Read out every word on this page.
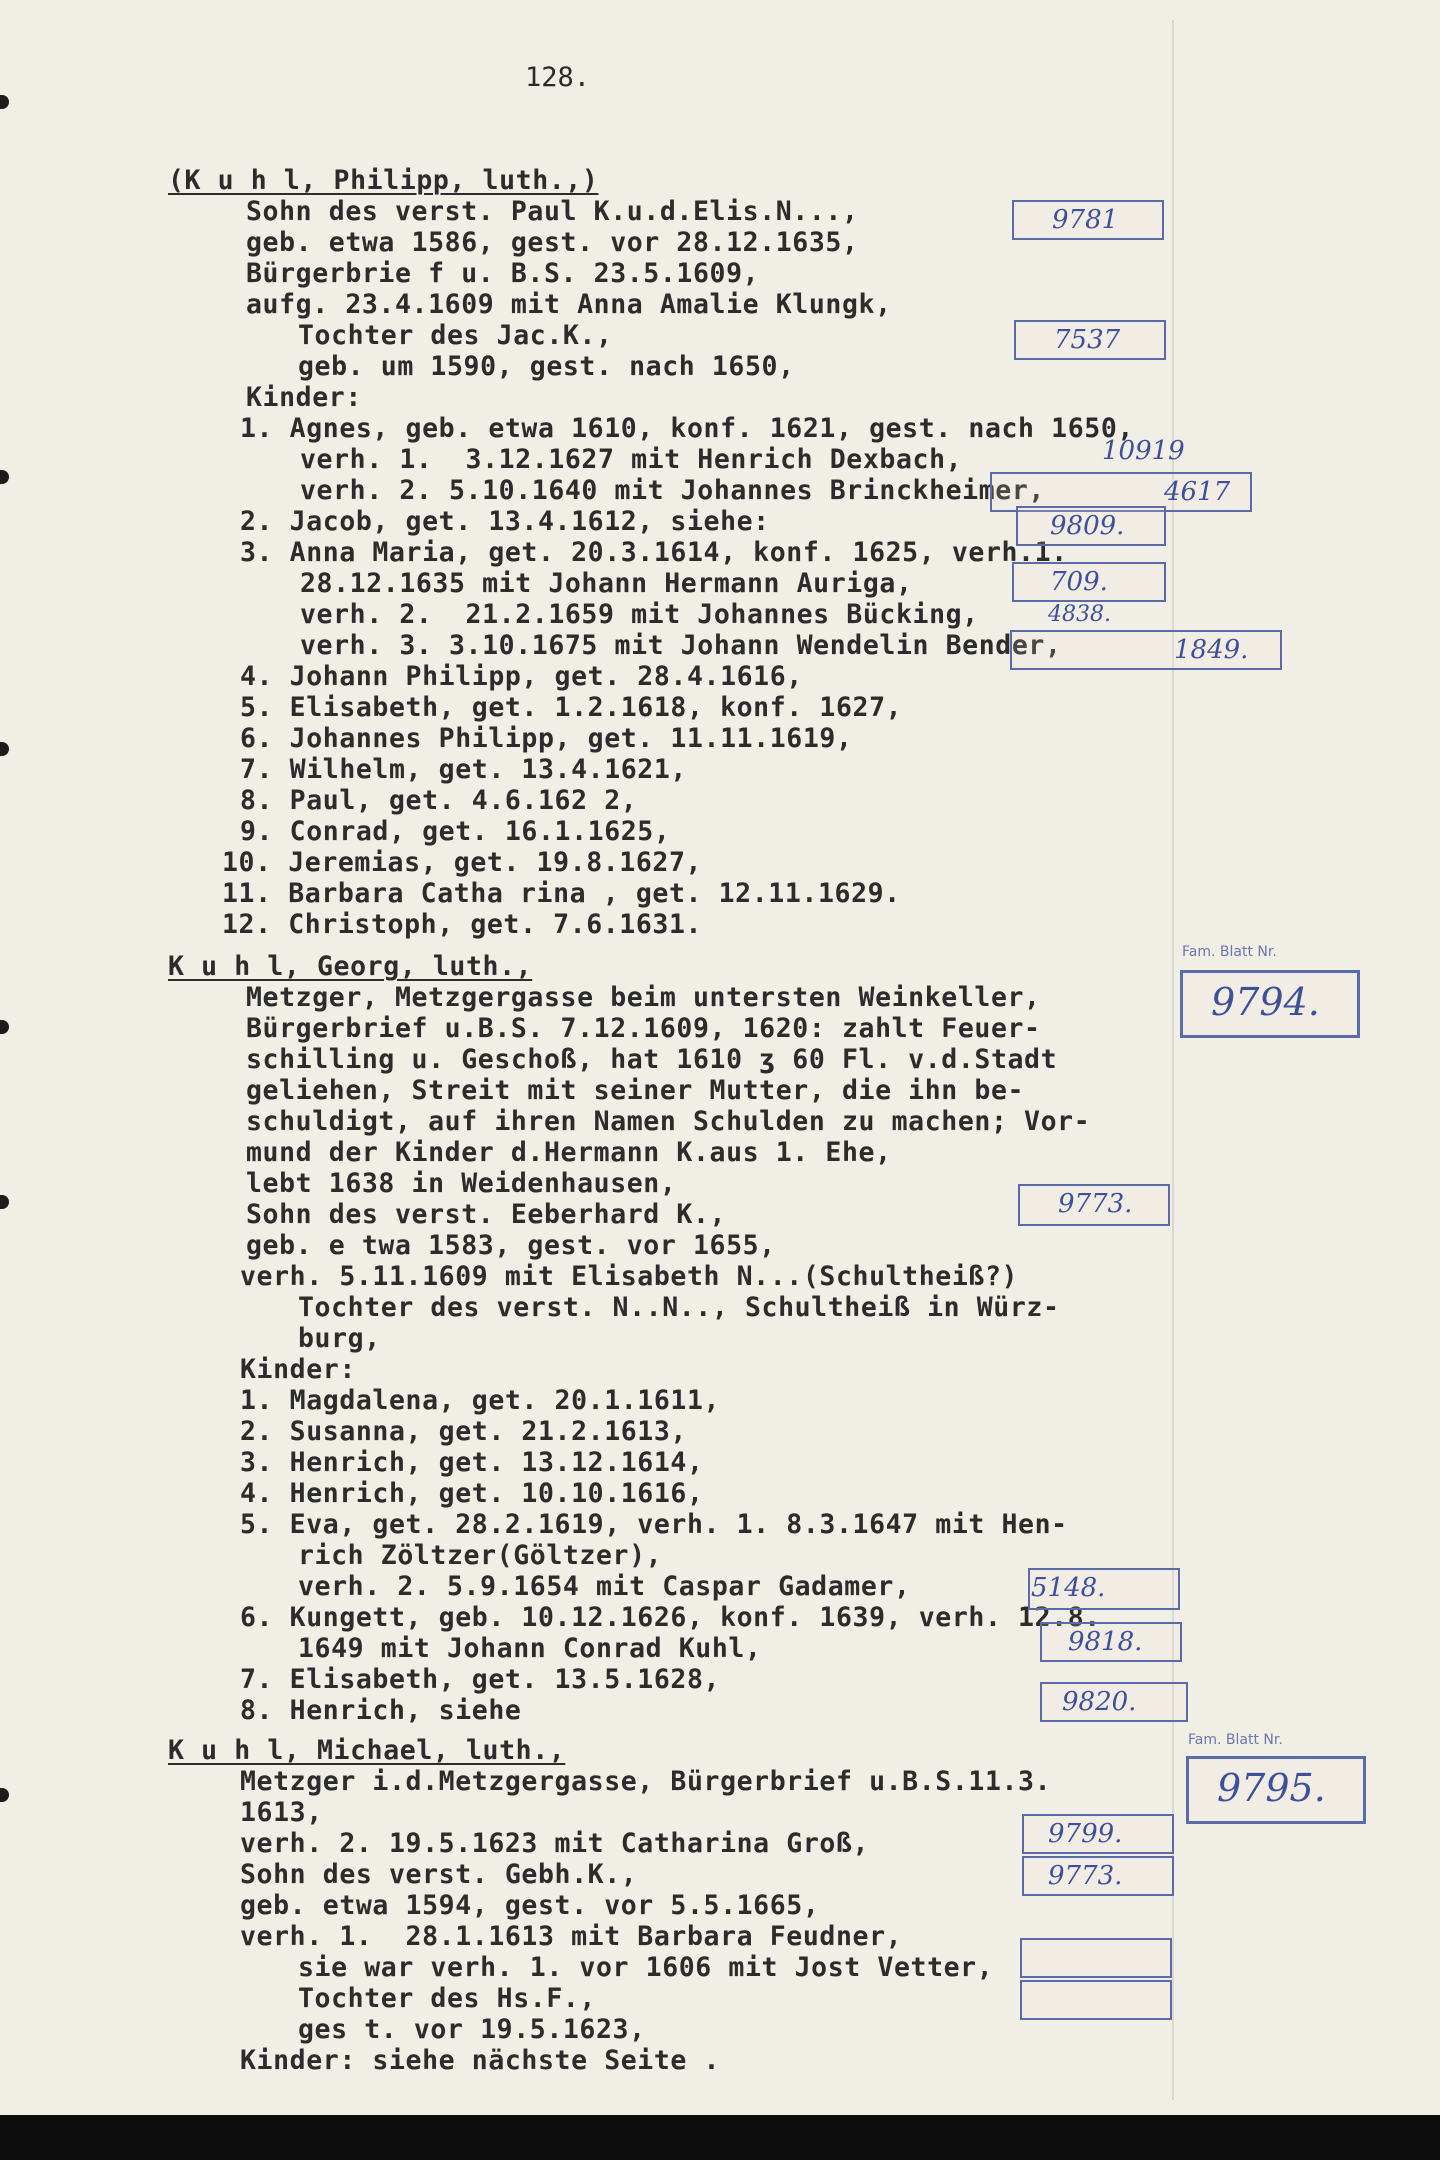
128.
(K u h l, Philipp, luth.,)
Sohn des verst. Paul K.u.d.Elis.N...,
geb. etwa 1586, gest. vor 28.12.1635,
Bürgerbrie f u. B.S. 23.5.1609,
aufg. 23.4.1609 mit Anna Amalie Klungk,
Tochter des Jac.K.,
geb. um 1590, gest. nach 1650,
Kinder:
1. Agnes, geb. etwa 1610, konf. 1621, gest. nach 1650,
verh. 1.  3.12.1627 mit Henrich Dexbach,
verh. 2. 5.10.1640 mit Johannes Brinckheimer,
2. Jacob, get. 13.4.1612, siehe:
3. Anna Maria, get. 20.3.1614, konf. 1625, verh.1.
28.12.1635 mit Johann Hermann Auriga,
verh. 2.  21.2.1659 mit Johannes Bücking,
verh. 3. 3.10.1675 mit Johann Wendelin Bender,
4. Johann Philipp, get. 28.4.1616,
5. Elisabeth, get. 1.2.1618, konf. 1627,
6. Johannes Philipp, get. 11.11.1619,
7. Wilhelm, get. 13.4.1621,
8. Paul, get. 4.6.162 2,
9. Conrad, get. 16.1.1625,
10. Jeremias, get. 19.8.1627,
11. Barbara Catha rina , get. 12.11.1629.
12. Christoph, get. 7.6.1631.
K u h l, Georg, luth.,
Metzger, Metzgergasse beim untersten Weinkeller,
Bürgerbrief u.B.S. 7.12.1609, 1620: zahlt Feuer-
schilling u. Geschoß, hat 1610 ʒ 60 Fl. v.d.Stadt
geliehen, Streit mit seiner Mutter, die ihn be-
schuldigt, auf ihren Namen Schulden zu machen; Vor-
mund der Kinder d.Hermann K.aus 1. Ehe,
lebt 1638 in Weidenhausen,
Sohn des verst. Eeberhard K.,
geb. e twa 1583, gest. vor 1655,
verh. 5.11.1609 mit Elisabeth N...(Schultheiß?)
Tochter des verst. N..N.., Schultheiß in Würz-
burg,
Kinder:
1. Magdalena, get. 20.1.1611,
2. Susanna, get. 21.2.1613,
3. Henrich, get. 13.12.1614,
4. Henrich, get. 10.10.1616,
5. Eva, get. 28.2.1619, verh. 1. 8.3.1647 mit Hen-
rich Zöltzer(Göltzer),
verh. 2. 5.9.1654 mit Caspar Gadamer,
6. Kungett, geb. 10.12.1626, konf. 1639, verh. 12.8.
1649 mit Johann Conrad Kuhl,
7. Elisabeth, get. 13.5.1628,
8. Henrich, siehe
K u h l, Michael, luth.,
Metzger i.d.Metzgergasse, Bürgerbrief u.B.S.11.3.
1613,
verh. 2. 19.5.1623 mit Catharina Groß,
Sohn des verst. Gebh.K.,
geb. etwa 1594, gest. vor 5.5.1665,
verh. 1.  28.1.1613 mit Barbara Feudner,
sie war verh. 1. vor 1606 mit Jost Vetter,
Tochter des Hs.F.,
ges t. vor 19.5.1623,
Kinder: siehe nächste Seite .
9781
7537
10919
4617
9809.
709.
4838.
1849.
Fam. Blatt Nr.
9794.
9773.
5148.
9818.
9820.
Fam. Blatt Nr.
9795.
9799.
9773.
